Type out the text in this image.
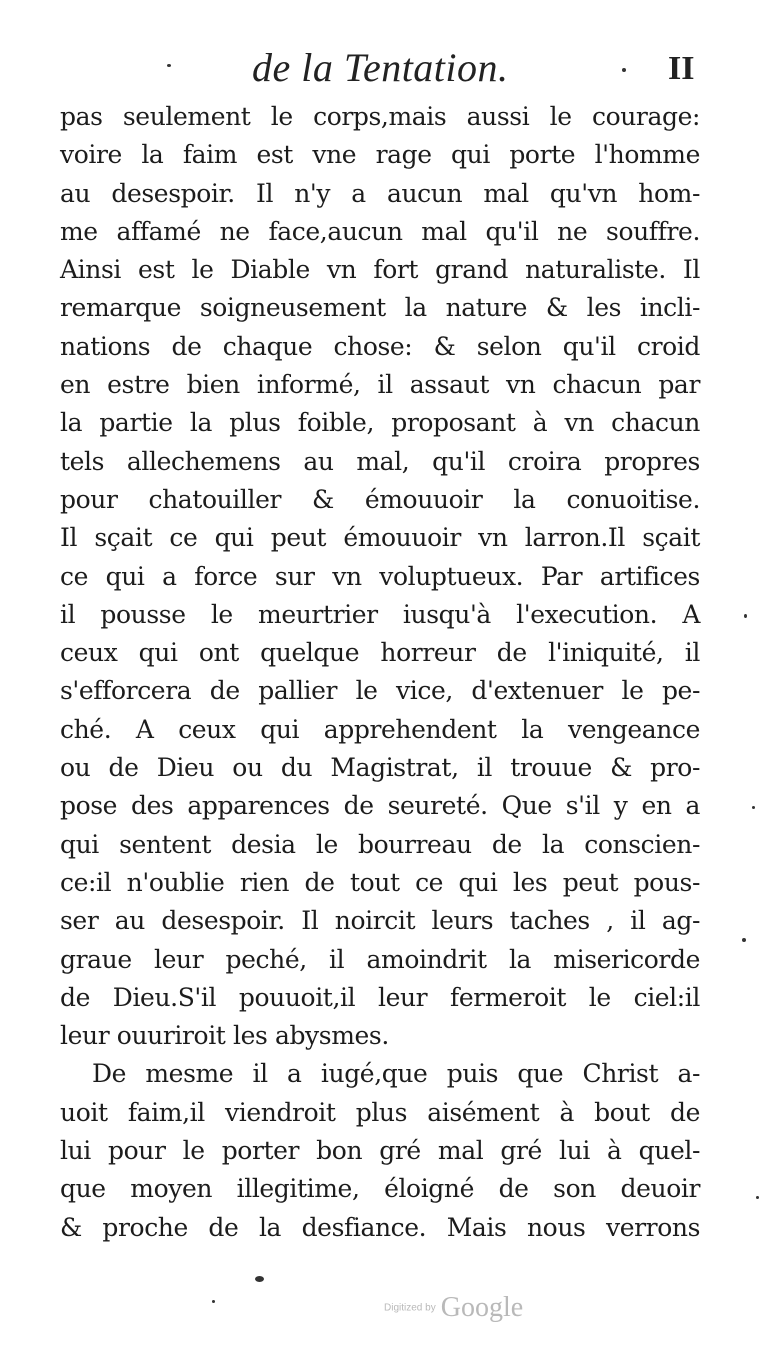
de la Tentation.	II
pas seulement le corps,mais aussi le courage:
voire la faim est vne rage qui porte l'homme
au desespoir. Il n'y a aucun mal qu'vn hom-
me affamé ne face,aucun mal qu'il ne souffre.
Ainsi est le Diable vn fort grand naturaliste. Il
remarque soigneusement la nature & les incli-
nations de chaque chose: & selon qu'il croid
en estre bien informé, il assaut vn chacun par
la partie la plus foible, proposant à vn chacun
tels allechemens au mal, qu'il croira propres
pour chatouiller & émouuoir la conuoitise.
Il sçait ce qui peut émouuoir vn larron.Il sçait
ce qui a force sur vn voluptueux. Par artifices
il pousse le meurtrier iusqu'à l'execution. A
ceux qui ont quelque horreur de l'iniquité, il
s'efforcera de pallier le vice, d'extenuer le pe-
ché. A ceux qui apprehendent la vengeance
ou de Dieu ou du Magistrat, il trouue & pro-
pose des apparences de seureté. Que s'il y en a
qui sentent desia le bourreau de la conscien-
ce:il n'oublie rien de tout ce qui les peut pous-
ser au desespoir. Il noircit leurs taches , il ag-
graue leur peché, il amoindrit la misericorde
de Dieu.S'il pouuoit,il leur fermeroit le ciel:il
leur ouuriroit les abysmes.
De mesme il a iugé,que puis que Christ a-
uoit faim,il viendroit plus aisément à bout de
lui pour le porter bon gré mal gré lui à quel-
que moyen illegitime, éloigné de son deuoir
& proche de la desfiance. Mais nous verrons
Digitized by Google
